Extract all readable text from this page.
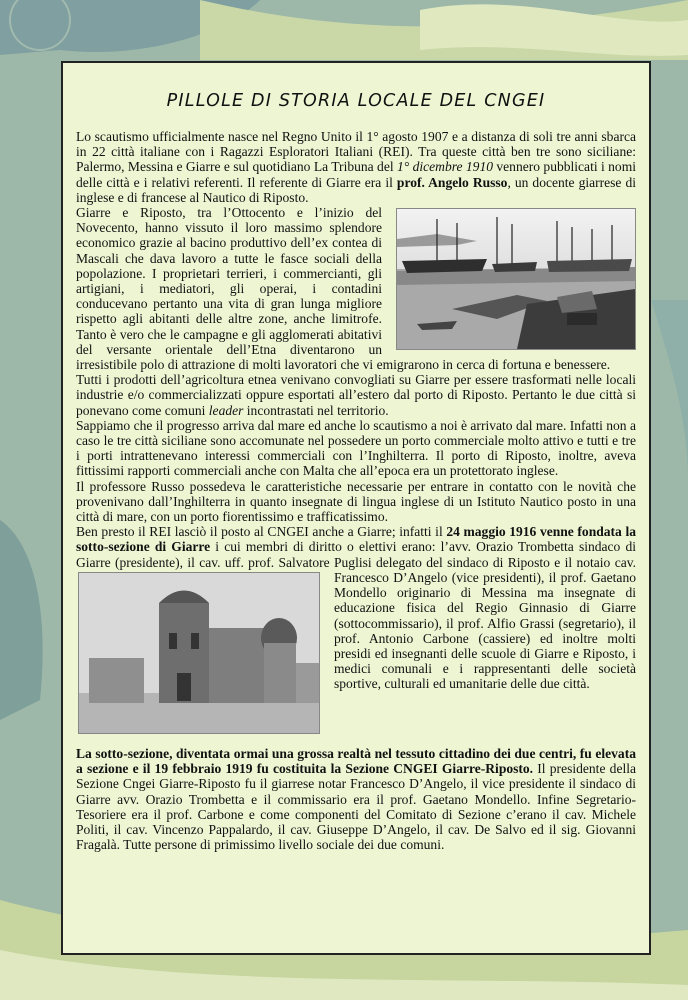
PILLOLE DI STORIA LOCALE DEL CNGEI

Lo scautismo ufficialmente nasce nel Regno Unito il 1° agosto 1907 e a distanza di soli tre anni sbarca in 22 città italiane con i Ragazzi Esploratori Italiani (REI). Tra queste città ben tre sono siciliane: Palermo, Messina e Giarre e sul quotidiano La Tribuna del 1° dicembre 1910 vennero pubblicati i nomi delle città e i relativi referenti. Il referente di Giarre era il prof. Angelo Russo, un docente giarrese di inglese e di francese al Nautico di Riposto.

Giarre e Riposto, tra l’Ottocento e l’inizio del Novecento, hanno vissuto il loro massimo splendore economico grazie al bacino produttivo dell’ex contea di Mascali che dava lavoro a tutte le fasce sociali della popolazione. I proprietari terrieri, i commercianti, gli artigiani, i mediatori, gli operai, i contadini conducevano pertanto una vita di gran lunga migliore rispetto agli abitanti delle altre zone, anche limitrofe. Tanto è vero che le campagne e gli agglomerati abitativi del versante orientale dell’Etna diventarono un irresistibile polo di attrazione di molti lavoratori che vi emigrarono in cerca di fortuna e benessere.

Tutti i prodotti dell’agricoltura etnea venivano convogliati su Giarre per essere trasformati nelle locali industrie e/o commercializzati oppure esportati all’estero dal porto di Riposto. Pertanto le due città si ponevano come comuni leader incontrastati nel territorio.

Sappiamo che il progresso arriva dal mare ed anche lo scautismo a noi è arrivato dal mare. Infatti non a caso le tre città siciliane sono accomunate nel possedere un porto commerciale molto attivo e tutti e tre i porti intrattenevano interessi commerciali con l’Inghilterra. Il porto di Riposto, inoltre, aveva fittissimi rapporti commerciali anche con Malta che all’epoca era un protettorato inglese.

Il professore Russo possedeva le caratteristiche necessarie per entrare in contatto con le novità che provenivano dall’Inghilterra in quanto insegnate di lingua inglese di un Istituto Nautico posto in una città di mare, con un porto fiorentissimo e trafficatissimo.

Ben presto il REI lasciò il posto al CNGEI anche a Giarre; infatti il 24 maggio 1916 venne fondata la sotto-sezione di Giarre i cui membri di diritto o elettivi erano: l’avv. Orazio Trombetta sindaco di Giarre (presidente), il cav. uff. prof. Salvatore Puglisi delegato del sindaco di Riposto e il notaio
cav. Francesco D’Angelo (vice presidenti), il prof. Gaetano Mondello originario di Messina ma insegnate di educazione fisica del Regio Ginnasio di Giarre (sottocommissario), il prof. Alfio Grassi (segretario), il prof. Antonio Carbone (cassiere) ed inoltre molti presidi ed insegnanti delle scuole di Giarre e Riposto, i medici comunali e i rappresentanti delle società sportive, culturali ed umanitarie delle due città.

La sotto-sezione, diventata ormai una grossa realtà nel tessuto cittadino dei due centri, fu elevata a sezione e il 19 febbraio 1919 fu costituita la Sezione CNGEI Giarre-Riposto. Il presidente della Sezione Cngei Giarre-Riposto fu il giarrese notar Francesco D’Angelo, il vice presidente il sindaco di Giarre avv. Orazio Trombetta e il commissario era il prof. Gaetano Mondello. Infine Segretario- Tesoriere era il prof. Carbone e come componenti del Comitato di Sezione c’erano il cav. Michele Politi, il cav. Vincenzo Pappalardo, il cav. Giuseppe D’Angelo, il cav. De Salvo ed il sig. Giovanni Fragalà. Tutte persone di primissimo livello sociale dei due comuni.
